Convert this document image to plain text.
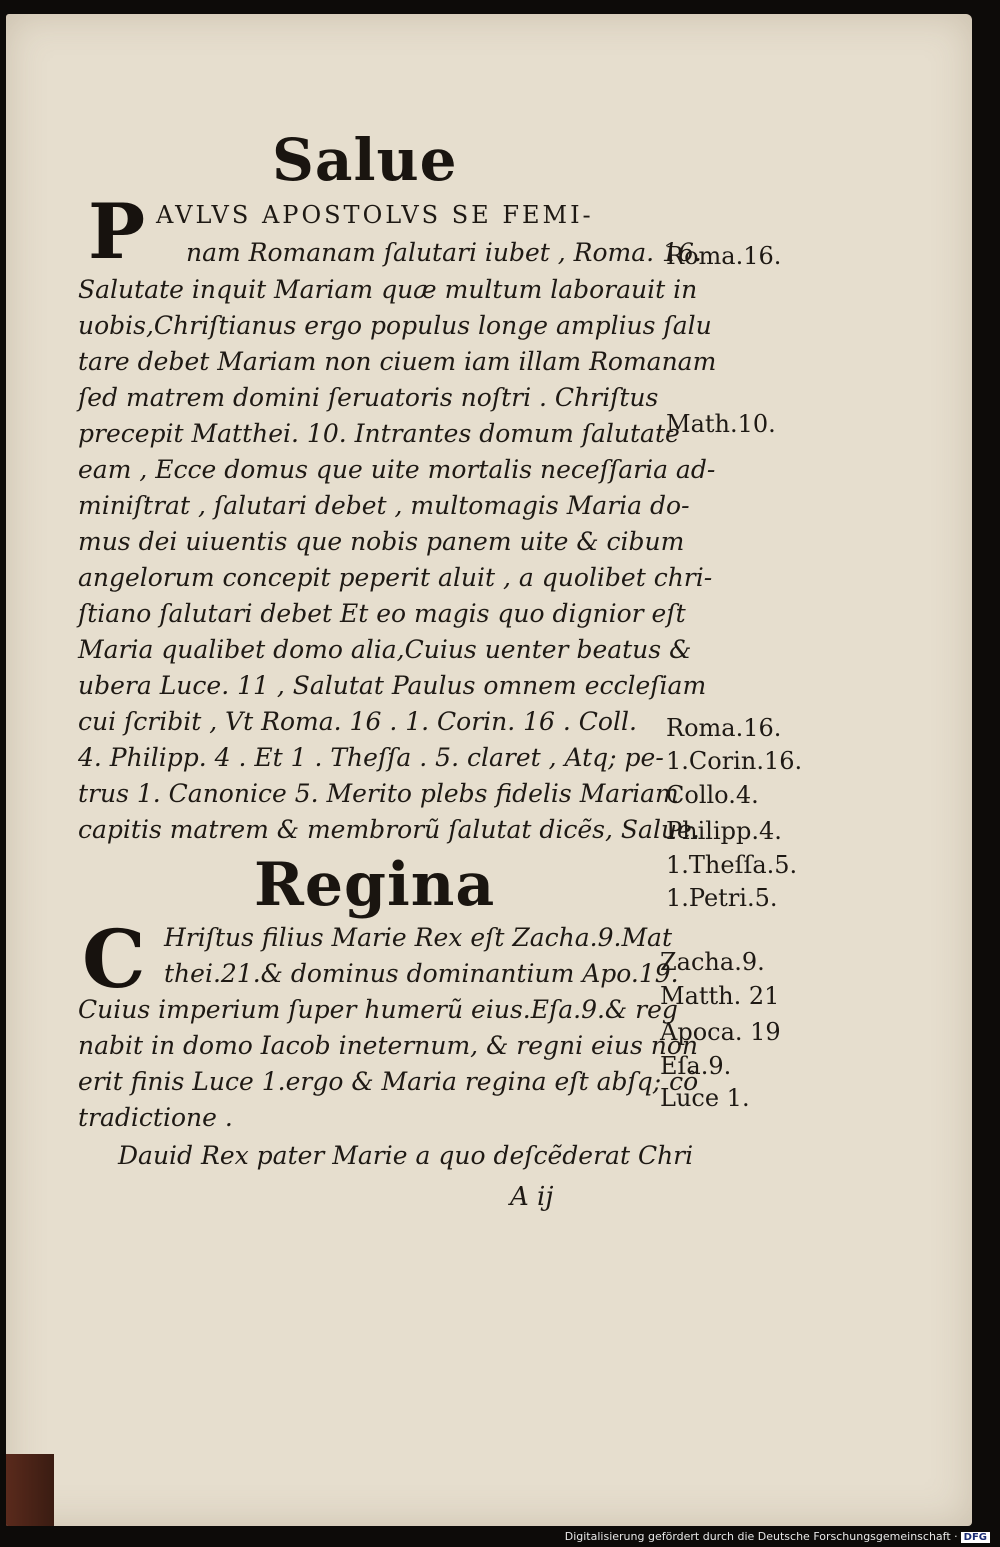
Salue
P AVLVS APOSTOLVS SE FEMI-
nam Romanam ſalutari iubet , Roma. 16.
Salutate inquit Mariam quæ multum laborauit in
uobis,Chriſtianus ergo populus longe amplius ſalu
tare debet Mariam non ciuem iam illam Romanam
ſed matrem domini ſeruatoris noſtri . Chriſtus
precepit Matthei. 10. Intrantes domum ſalutate
eam , Ecce domus que uite mortalis neceſſaria ad-
miniſtrat , ſalutari debet , multomagis Maria do-
mus dei uiuentis que nobis panem uite & cibum
angelorum concepit peperit aluit , a quolibet chri-
ſtiano ſalutari debet Et eo magis quo dignior eſt
Maria qualibet domo alia,Cuius uenter beatus &
ubera Luce. 11 , Salutat Paulus omnem eccleſiam
cui ſcribit , Vt Roma. 16 . 1. Corin. 16 . Coll.
4. Philipp. 4 . Et 1 . Theſſa . 5. claret , Atq; pe-
trus 1. Canonice 5. Merito plebs fidelis Mariam
capitis matrem & membrorũ ſalutat dicẽs, Salue.
Regina
C Hriſtus filius Marie Rex eſt Zacha.9.Mat
thei.21.& dominus dominantium Apo.19.
Cuius imperium ſuper humerũ eius.Eſa.9.& reg
nabit in domo Iacob ineternum, & regni eius non
erit finis Luce 1.ergo & Maria regina eſt abſq; cõ
tradictione .
Dauid Rex pater Marie a quo deſcẽderat Chri
Roma.16.
Math.10.
Roma.16.
1.Corin.16.
Collo.4.
Philipp.4.
1.Theſſa.5.
1.Petri.5.
Zacha.9.
Matth. 21
Apoca. 19
Eſa.9.
Luce 1.
A ij
Digitalisierung gefördert durch die Deutsche Forschungsgemeinschaft · DFG
